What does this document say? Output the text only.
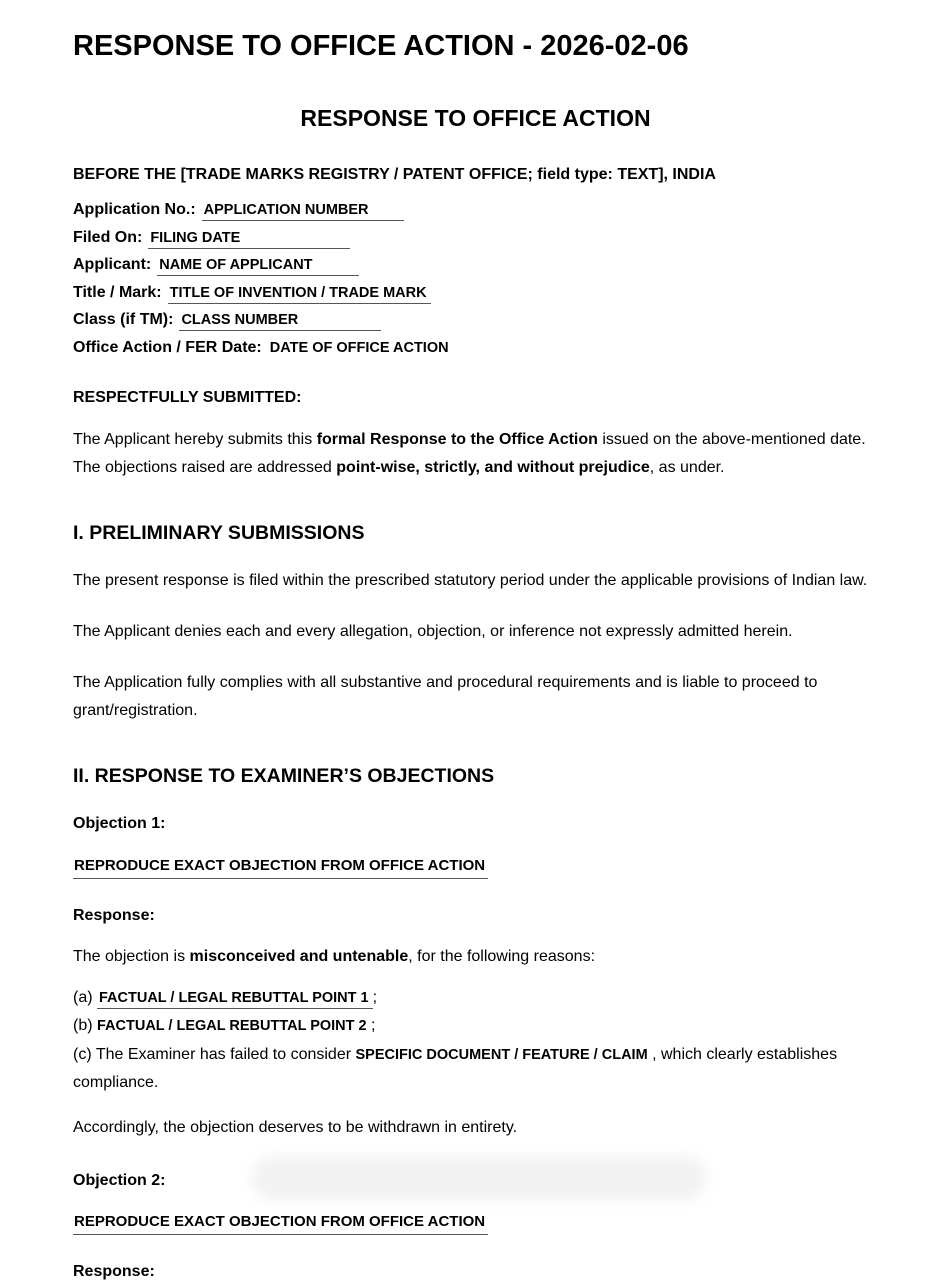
RESPONSE TO OFFICE ACTION - 2026-02-06
RESPONSE TO OFFICE ACTION

BEFORE THE [TRADE MARKS REGISTRY / PATENT OFFICE; field type: TEXT], INDIA

Application No.: APPLICATION NUMBER
Filed On: FILING DATE
Applicant: NAME OF APPLICANT
Title / Mark: TITLE OF INVENTION / TRADE MARK
Class (if TM): CLASS NUMBER
Office Action / FER Date: DATE OF OFFICE ACTION
RESPECTFULLY SUBMITTED:

The Applicant hereby submits this formal Response to the Office Action issued on the above-mentioned date. The objections raised are addressed point-wise, strictly, and without prejudice, as under.

I. PRELIMINARY SUBMISSIONS

The present response is filed within the prescribed statutory period under the applicable provisions of Indian law.

The Applicant denies each and every allegation, objection, or inference not expressly admitted herein.

The Application fully complies with all substantive and procedural requirements and is liable to proceed to grant/registration.

II. RESPONSE TO EXAMINER’S OBJECTIONS
Objection 1:

REPRODUCE EXACT OBJECTION FROM OFFICE ACTION

Response:

The objection is misconceived and untenable, for the following reasons:

(a) FACTUAL / LEGAL REBUTTAL POINT 1 ;

(b) FACTUAL / LEGAL REBUTTAL POINT 2 ;

(c) The Examiner has failed to consider SPECIFIC DOCUMENT / FEATURE / CLAIM , which clearly establishes compliance.

Accordingly, the objection deserves to be withdrawn in entirety.

Objection 2:

REPRODUCE EXACT OBJECTION FROM OFFICE ACTION

Response:
